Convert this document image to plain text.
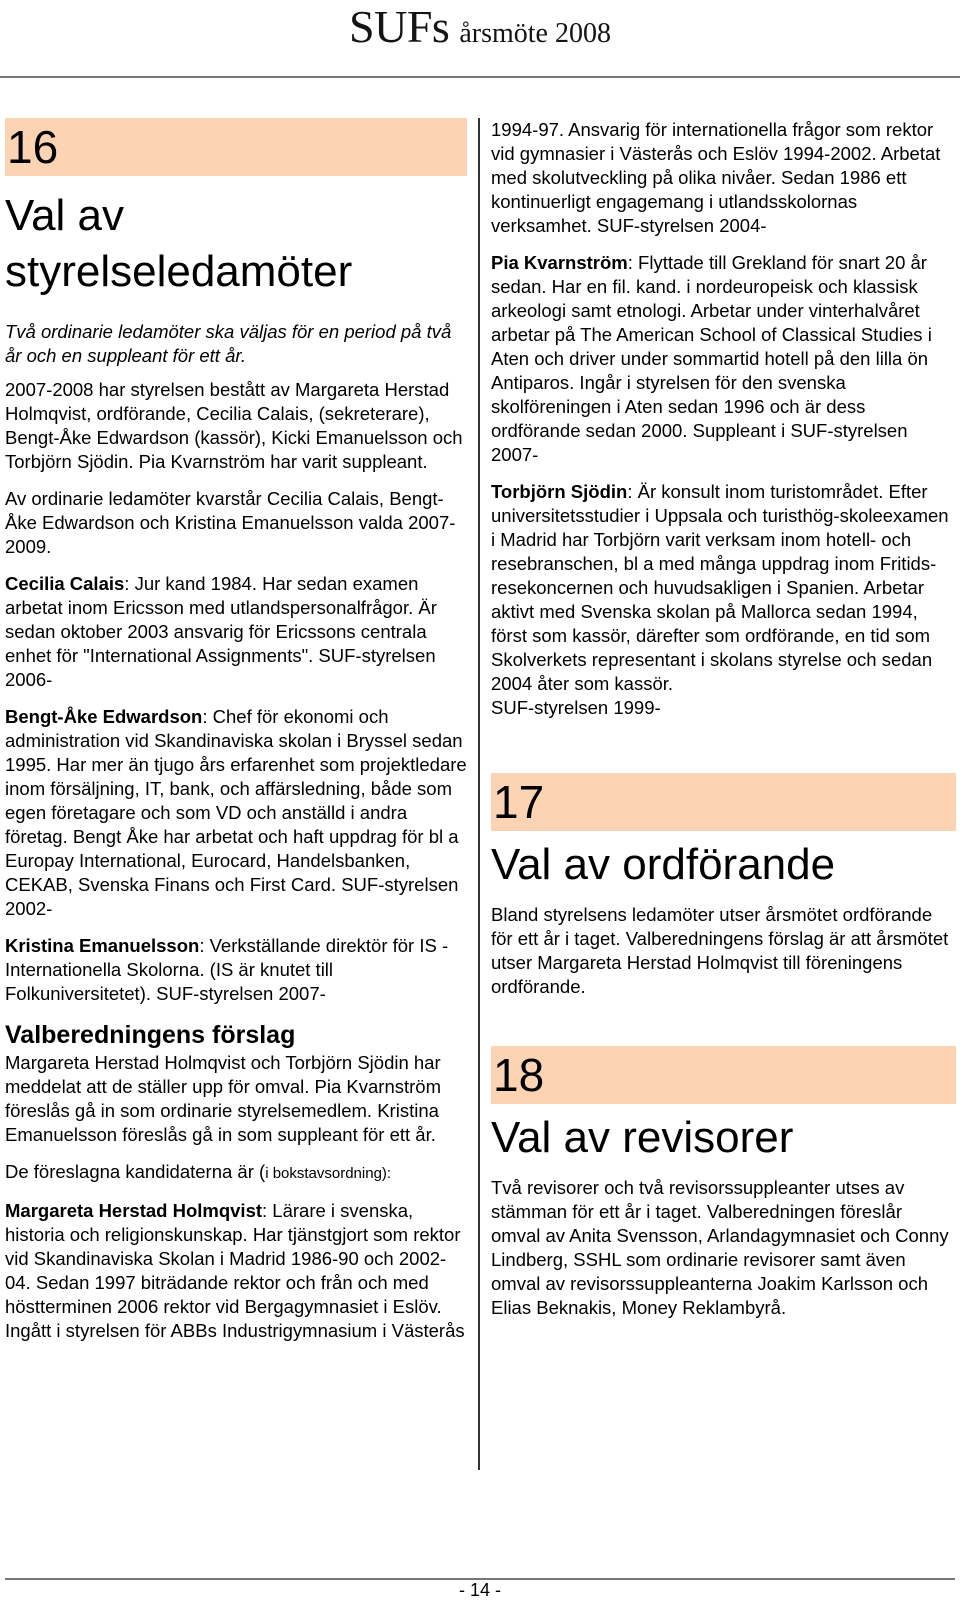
SUFs årsmöte 2008
16
Val av styrelseledamöter

Två ordinarie ledamöter ska väljas för en period på två år och en suppleant för ett år.

2007-2008 har styrelsen bestått av Margareta Herstad Holmqvist, ordförande, Cecilia Calais, (sekreterare), Bengt-Åke Edwardson (kassör), Kicki Emanuelsson och Torbjörn Sjödin. Pia Kvarnström har varit suppleant.

Av ordinarie ledamöter kvarstår Cecilia Calais, Bengt-Åke Edwardson och Kristina Emanuelsson valda 2007-2009.

Cecilia Calais: Jur kand 1984. Har sedan examen arbetat inom Ericsson med utlandspersonalfrågor. Är sedan oktober 2003 ansvarig för Ericssons centrala enhet för "International Assignments". SUF-styrelsen 2006-

Bengt-Åke Edwardson: Chef för ekonomi och administration vid Skandinaviska skolan i Bryssel sedan 1995. Har mer än tjugo års erfarenhet som projektledare inom försäljning, IT, bank, och affärsledning, både som egen företagare och som VD och anställd i andra företag. Bengt Åke har arbetat och haft uppdrag för bl a Europay International, Eurocard, Handelsbanken, CEKAB, Svenska Finans och First Card. SUF-styrelsen 2002-

Kristina Emanuelsson: Verkställande direktör för IS -Internationella Skolorna. (IS är knutet till Folkuniversitetet). SUF-styrelsen 2007-

Valberedningens förslag

Margareta Herstad Holmqvist och Torbjörn Sjödin har meddelat att de ställer upp för omval. Pia Kvarnström föreslås gå in som ordinarie styrelsemedlem. Kristina Emanuelsson föreslås gå in som suppleant för ett år.

De föreslagna kandidaterna är (i bokstavsordning):

Margareta Herstad Holmqvist: Lärare i svenska, historia och religionskunskap. Har tjänstgjort som rektor vid Skandinaviska Skolan i Madrid 1986-90 och 2002-04. Sedan 1997 biträdande rektor och från och med höstterminen 2006 rektor vid Bergagymnasiet i Eslöv. Ingått i styrelsen för ABBs Industrigymnasium i Västerås

1994-97. Ansvarig för internationella frågor som rektor vid gymnasier i Västerås och Eslöv 1994-2002. Arbetat med skolutveckling på olika nivåer. Sedan 1986 ett kontinuerligt engagemang i utlandsskolornas verksamhet. SUF-styrelsen 2004-

Pia Kvarnström: Flyttade till Grekland för snart 20 år sedan. Har en fil. kand. i nordeuropeisk och klassisk arkeologi samt etnologi. Arbetar under vinterhalvåret arbetar på The American School of Classical Studies i Aten och driver under sommartid hotell på den lilla ön Antiparos. Ingår i styrelsen för den svenska skolföreningen i Aten sedan 1996 och är dess ordförande sedan 2000. Suppleant i SUF-styrelsen 2007-

Torbjörn Sjödin: Är konsult inom turistområdet. Efter universitetsstudier i Uppsala och turisthög-skoleexamen i Madrid har Torbjörn varit verksam inom hotell- och resebranschen, bl a med många uppdrag inom Fritids-resekoncernen och huvudsakligen i Spanien. Arbetar aktivt med Svenska skolan på Mallorca sedan 1994, först som kassör, därefter som ordförande, en tid som Skolverkets representant i skolans styrelse och sedan 2004 åter som kassör.

SUF-styrelsen 1999-

17
Val av ordförande

Bland styrelsens ledamöter utser årsmötet ordförande för ett år i taget. Valberedningens förslag är att årsmötet utser Margareta Herstad Holmqvist till föreningens ordförande.

18
Val av revisorer

Två revisorer och två revisorssuppleanter utses av stämman för ett år i taget. Valberedningen föreslår omval av Anita Svensson, Arlandagymnasiet och Conny Lindberg, SSHL som ordinarie revisorer samt även omval av revisorssuppleanterna Joakim Karlsson och Elias Beknakis, Money Reklambyrå.

- 14 -
